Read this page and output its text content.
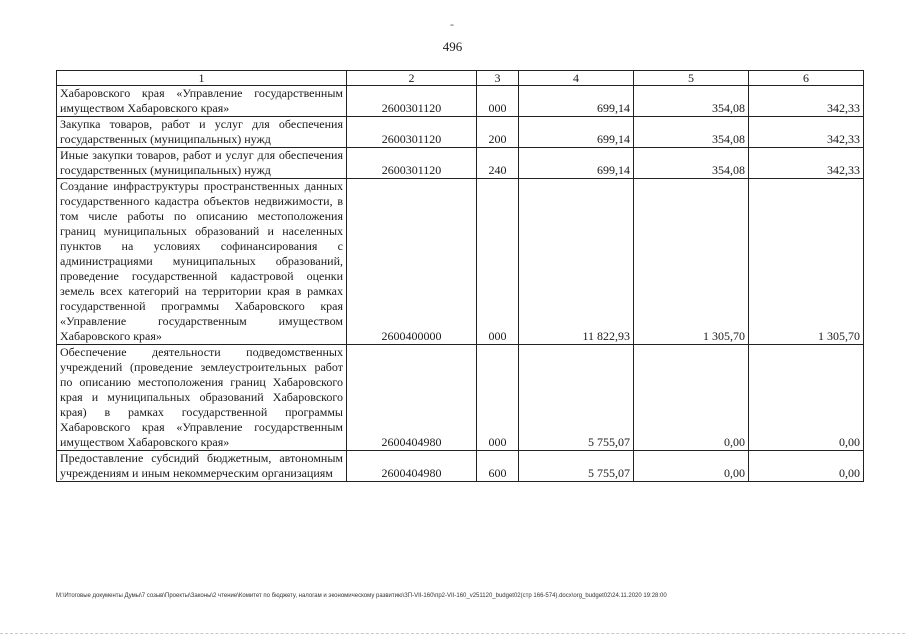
-
496
1	2	3	4	5	6
Хабаровского края «Управление государственным имуществом Хабаровского края»	2600301120	000	699,14	354,08	342,33
Закупка товаров, работ и услуг для обеспечения государственных (муниципальных) нужд	2600301120	200	699,14	354,08	342,33
Иные закупки товаров, работ и услуг для обеспечения государственных (муниципальных) нужд	2600301120	240	699,14	354,08	342,33
Создание инфраструктуры пространственных данных государственного кадастра объектов недвижимости, в том числе работы по описанию местоположения границ муниципальных образований и населенных пунктов на условиях софинансирования с администрациями муниципальных образований, проведение государственной кадастровой оценки земель всех категорий на территории края в рамках государственной программы Хабаровского края «Управление государственным имуществом Хабаровского края»	2600400000	000	11 822,93	1 305,70	1 305,70
Обеспечение деятельности подведомственных учреждений (проведение землеустроительных работ по описанию местоположения границ Хабаровского края и муниципальных образований Хабаровского края) в рамках государственной программы Хабаровского края «Управление государственным имуществом Хабаровского края»	2600404980	000	5 755,07	0,00	0,00
Предоставление субсидий бюджетным, автономным учреждениям и иным некоммерческим организациям	2600404980	600	5 755,07	0,00	0,00
М:\Итоговые документы Думы\7 созыв\Проекты\Законы\2 чтение\Комитет по бюджету, налогам и экономическому развитию\ЗП-VII-160\пр2-VII-160_v251120_budget02(стр 166-574).docx\org_budget02\24.11.2020 19:28:00
